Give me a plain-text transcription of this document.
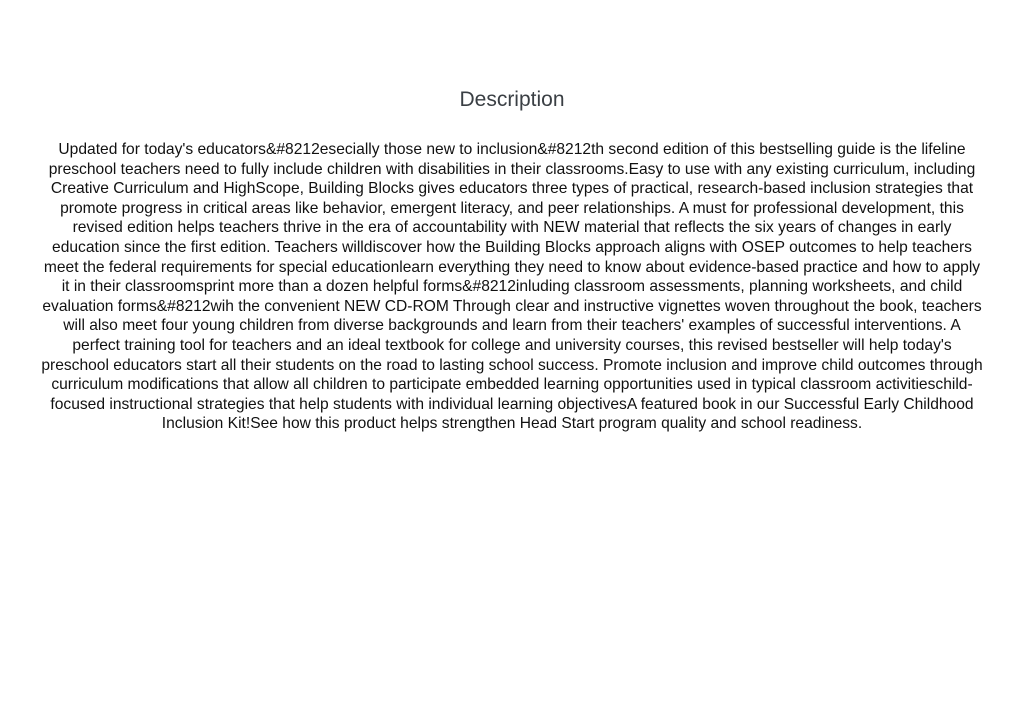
Description

Updated for today's educators&#8212esecially those new to inclusion&#8212th second edition of this bestselling guide is the lifeline preschool teachers need to fully include children with disabilities in their classrooms.Easy to use with any existing curriculum, including Creative Curriculum and HighScope, Building Blocks gives educators three types of practical, research-based inclusion strategies that promote progress in critical areas like behavior, emergent literacy, and peer relationships. A must for professional development, this revised edition helps teachers thrive in the era of accountability with NEW material that reflects the six years of changes in early education since the first edition. Teachers willdiscover how the Building Blocks approach aligns with OSEP outcomes to help teachers meet the federal requirements for special educationlearn everything they need to know about evidence-based practice and how to apply it in their classroomsprint more than a dozen helpful forms&#8212inluding classroom assessments, planning worksheets, and child evaluation forms&#8212wih the convenient NEW CD-ROM Through clear and instructive vignettes woven throughout the book, teachers will also meet four young children from diverse backgrounds and learn from their teachers' examples of successful interventions. A perfect training tool for teachers and an ideal textbook for college and university courses, this revised bestseller will help today's preschool educators start all their students on the road to lasting school success. Promote inclusion and improve child outcomes through curriculum modifications that allow all children to participate embedded learning opportunities used in typical classroom activitieschild-focused instructional strategies that help students with individual learning objectivesA featured book in our Successful Early Childhood Inclusion Kit!See how this product helps strengthen Head Start program quality and school readiness.
